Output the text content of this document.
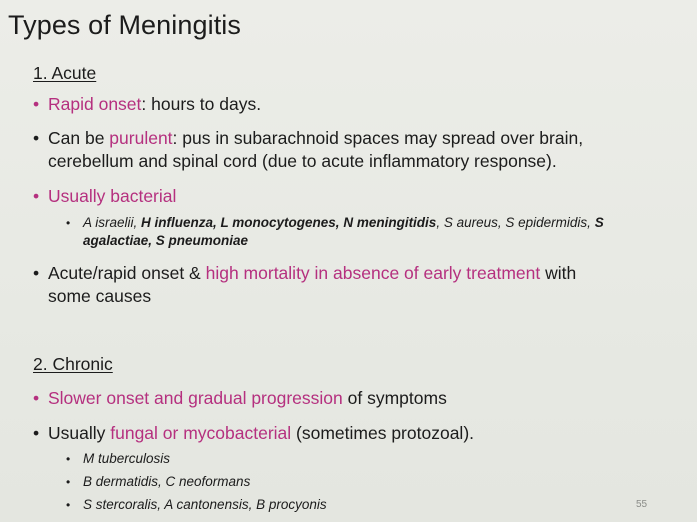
Types of Meningitis
1. Acute
• Rapid onset: hours to days.
• Can be purulent: pus in subarachnoid spaces may spread over brain,
cerebellum and spinal cord (due to acute inflammatory response).
• Usually bacterial
• A israelii, H influenza, L monocytogenes, N meningitidis, S aureus, S epidermidis, S
agalactiae, S pneumoniae
• Acute/rapid onset & high mortality in absence of early treatment with
some causes
2. Chronic
• Slower onset and gradual progression of symptoms
• Usually fungal or mycobacterial (sometimes protozoal).
• M tuberculosis
• B dermatidis, C neoformans
• S stercoralis, A cantonensis, B procyonis	55
